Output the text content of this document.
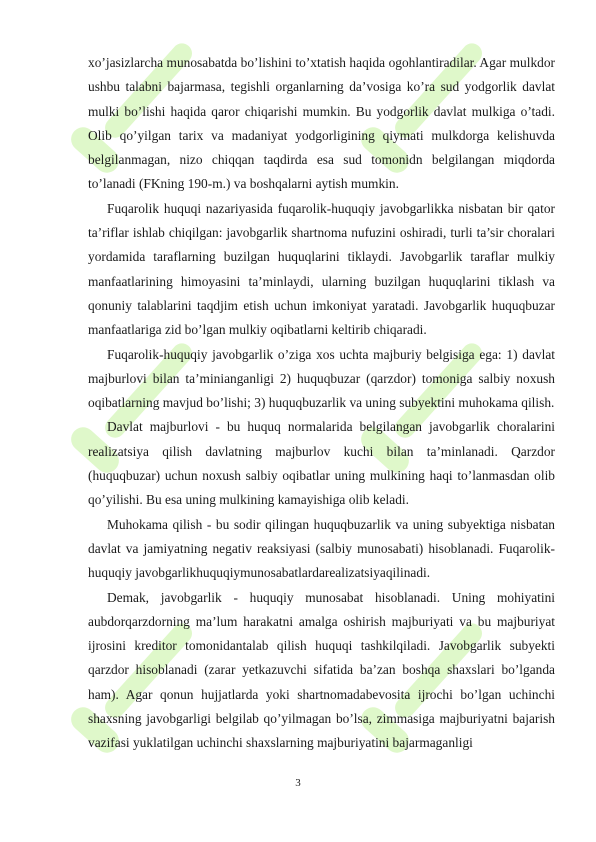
xo’jasizlarcha munosabatda bo’lishini to’xtatish haqida ogohlantiradilar. Agar mulkdor ushbu talabni bajarmasa, tegishli organlarning da’vosiga ko’ra sud yodgorlik davlat mulki bo’lishi haqida qaror chiqarishi mumkin. Bu yodgorlik davlat mulkiga o’tadi. Olib qo’yilgan tarix va madaniyat yodgorligining qiymati mulkdorga kelishuvda belgilanmagan, nizo chiqqan taqdirda esa sud tomonidn belgilangan miqdorda to’lanadi (FKning 190-m.) va boshqalarni aytish mumkin.

Fuqarolik huquqi nazariyasida fuqarolik-huquqiy javobgarlikka nisbatan bir qator ta’riflar ishlab chiqilgan: javobgarlik shartnoma nufuzini oshiradi, turli ta’sir choralari yordamida taraflarning buzilgan huquqlarini tiklaydi. Javobgarlik taraflar mulkiy manfaatlarining himoyasini ta’minlaydi, ularning buzilgan huquqlarini tiklash va qonuniy talablarini taqdjim etish uchun imkoniyat yaratadi. Javobgarlik huquqbuzar manfaatlariga zid bo’lgan mulkiy oqibatlarni keltirib chiqaradi.

Fuqarolik-huquqiy javobgarlik o’ziga xos uchta majburiy belgisiga ega: 1) davlat majburlovi bilan ta’minianganligi 2) huquqbuzar (qarzdor) tomoniga salbiy noxush oqibatlarning mavjud bo’lishi; 3) huquqbuzarlik va uning subyektini muhokama qilish.

Davlat majburlovi - bu huquq normalarida belgilangan javobgarlik choralarini realizatsiya qilish davlatning majburlov kuchi bilan ta’minlanadi. Qarzdor (huquqbuzar) uchun noxush salbiy oqibatlar uning mulkining haqi to’lanmasdan olib qo’yilishi. Bu esa uning mulkining kamayishiga olib keladi.

Muhokama qilish - bu sodir qilingan huquqbuzarlik va uning subyektiga nisbatan davlat va jamiyatning negativ reaksiyasi (salbiy munosabati) hisoblanadi. Fuqarolik-huquqiy javobgarlikhuquqiymunosabatlardarealizatsiyaqilinadi.

Demak, javobgarlik - huquqiy munosabat hisoblanadi. Uning mohiyatini aubdorqarzdorning ma’lum harakatni amalga oshirish majburiyati va bu majburiyat ijrosini kreditor tomonidantalab qilish huquqi tashkilqiladi. Javobgarlik subyekti qarzdor hisoblanadi (zarar yetkazuvchi sifatida ba’zan boshqa shaxslari bo’lganda ham). Agar qonun hujjatlarda yoki shartnomadabevosita ijrochi bo’lgan uchinchi shaxsning javobgarligi belgilab qo’yilmagan bo’lsa, zimmasiga majburiyatni bajarish vazifasi yuklatilgan uchinchi shaxslarning majburiyatini bajarmaganligi

3
